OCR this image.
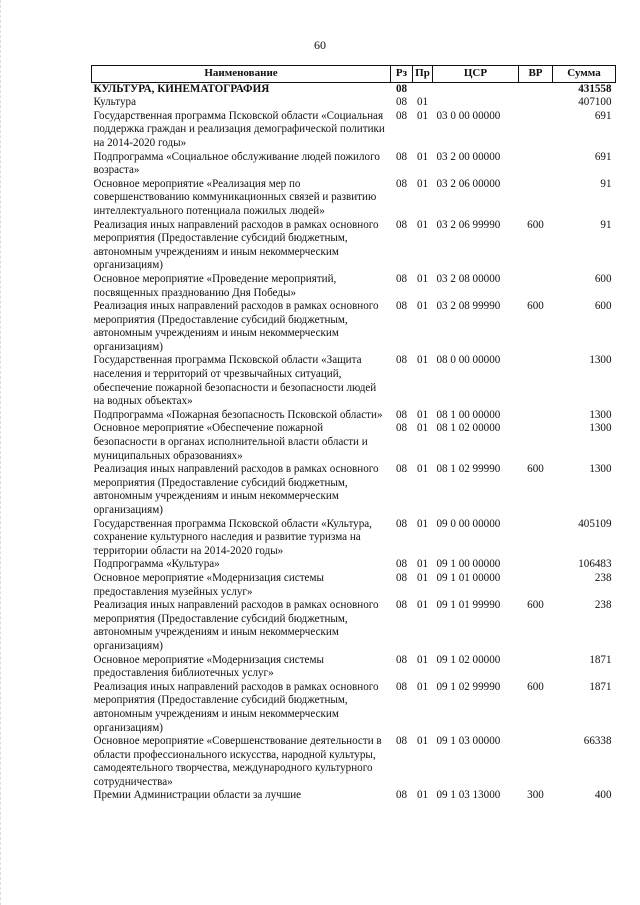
60
Наименование	Рз	Пр	ЦСР	ВР	Сумма
КУЛЬТУРА, КИНЕМАТОГРАФИЯ	08				431558
Культура	08	01			407100
Государственная программа Псковской области «Социальная поддержка граждан и реализация демографической политики на 2014-2020 годы»	08	01	03 0 00 00000		691
Подпрограмма «Социальное обслуживание людей пожилого возраста»	08	01	03 2 00 00000		691
Основное мероприятие «Реализация мер по совершенствованию коммуникационных связей и развитию интеллектуального потенциала пожилых людей»	08	01	03 2 06 00000		91
Реализация иных направлений расходов в рамках основного мероприятия (Предоставление субсидий бюджетным, автономным учреждениям и иным некоммерческим организациям)	08	01	03 2 06 99990	600	91
Основное мероприятие «Проведение мероприятий, посвященных празднованию Дня Победы»	08	01	03 2 08 00000		600
Реализация иных направлений расходов в рамках основного мероприятия (Предоставление субсидий бюджетным, автономным учреждениям и иным некоммерческим организациям)	08	01	03 2 08 99990	600	600
Государственная программа Псковской области «Защита населения и территорий от чрезвычайных ситуаций, обеспечение пожарной безопасности и безопасности людей на водных объектах»	08	01	08 0 00 00000		1300
Подпрограмма «Пожарная безопасность Псковской области»	08	01	08 1 00 00000		1300
Основное мероприятие «Обеспечение пожарной безопасности в органах исполнительной власти области и муниципальных образованиях»	08	01	08 1 02 00000		1300
Реализация иных направлений расходов в рамках основного мероприятия (Предоставление субсидий бюджетным, автономным учреждениям и иным некоммерческим организациям)	08	01	08 1 02 99990	600	1300
Государственная программа Псковской области «Культура, сохранение культурного наследия и развитие туризма на территории области на 2014-2020 годы»	08	01	09 0 00 00000		405109
Подпрограмма «Культура»	08	01	09 1 00 00000		106483
Основное мероприятие «Модернизация системы предоставления музейных услуг»	08	01	09 1 01 00000		238
Реализация иных направлений расходов в рамках основного мероприятия (Предоставление субсидий бюджетным, автономным учреждениям и иным некоммерческим организациям)	08	01	09 1 01 99990	600	238
Основное мероприятие «Модернизация системы предоставления библиотечных услуг»	08	01	09 1 02 00000		1871
Реализация иных направлений расходов в рамках основного мероприятия (Предоставление субсидий бюджетным, автономным учреждениям и иным некоммерческим организациям)	08	01	09 1 02 99990	600	1871
Основное мероприятие «Совершенствование деятельности в области профессионального искусства, народной культуры, самодеятельного творчества, международного культурного сотрудничества»	08	01	09 1 03 00000		66338
Премии Администрации области за лучшие	08	01	09 1 03 13000	300	400
